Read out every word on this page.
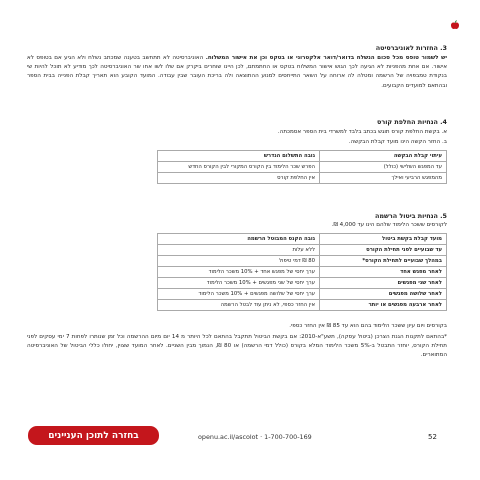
3. החזרות לאוניברסיטה
יש לשמור טופס מכל סכום הנשלח בדואר/דואר אלקטרוני או בטקס וכן את אישור המשלוח. האוניברסיטה לא תתחשב בטענה שמכתב נשלח ולא הגיע אם בטופס לא אישור. אם אחת מהפניות לא הגיעה לכך הגוש אישור המשלוח בטקס או החתמתם, לכן היינו שוחרים ביקרק אם שלו לשו אחו שר האוניברסיטה לכך מודיע לא תוכל להיות שי בנקודת טמבפויה של הרשמה ומטלה לה ארוחה על השאר התייחסים למנוע ההתוצאה ולה בריכת העובר שבין עבודה. המועד הקובע הוא תאריך קבלת הפנייה בבית הספר ובהתאם למועדים הקבועים.
4. הנחיות החלפת קורס
א. בקשת החלפת קורס תוגש בכתב בלבד למשרדי בית הספר אסמכתה.
ב. החזר הקשה הינו מועד קבלת הבקשה.
עיתוי קבלת הבקשה	גובה התשלום הנדרש
עד המפגש השלישי (כולל)	הפרש שכר הלימוד בין הקורס המקורי לבין הקורס החדש
מהמפגש הרביעי ואילך	אין החלפת קורס
5. הנחיות ביטול הרשמה
לקורסים ששכר הלימוד שלהם הינו עד 4,000 ₪.
מועד קבלת בקשת ביטול	גובה הקנס המבוטל הרשמה
עד שבועיים לפני תחילת הקורס	ללא עלות
במהלך שבועיים לתחילת הקורס*	80 ₪ דמי טיפול
לאחר מפגש אחד	ערך יחסי של מפגש אחד + 10% משכר הלימוד
לאחר שני מפגשים	ערך יחסי של שני מפגשים + 10% משכר הלימוד
לאחר שלושה מפגשים	ערך יחסי של שלושה מפגשים + 10% משכר הלימוד
לאחר ארבעה מפגשים או יותר	אין החזר כספי, לא ניתן עוד לבטל הרשמה
בקורסים ויום עיון ששכר הלימוד בהם הוא עד 85 ₪ אין החזר כספי.
*בהתאם לתקנות הגנת הצרכן (ביטול עסקה), תשע"א-2010: אם בקשת הביטול תתקבל בהתאם לכל היותר מ 14 יום מיום ההרשמה וכל זמן שנותרו לפחות 7 ימי עסקים לפני תחילת הקורס, יוחזר התבטל ב-5% משכר הלימוד המלא בקורס (כולל דמי הרשמה) או 80 ₪, הנמוך מבין השניים. לאחר המועד שצוין, יחולו כללי הביטול של האוניברסיטה המתוארים.
52
openu.ac.il/ascolot · 1-700-700-169
בחזרה לתוכן העניינים
